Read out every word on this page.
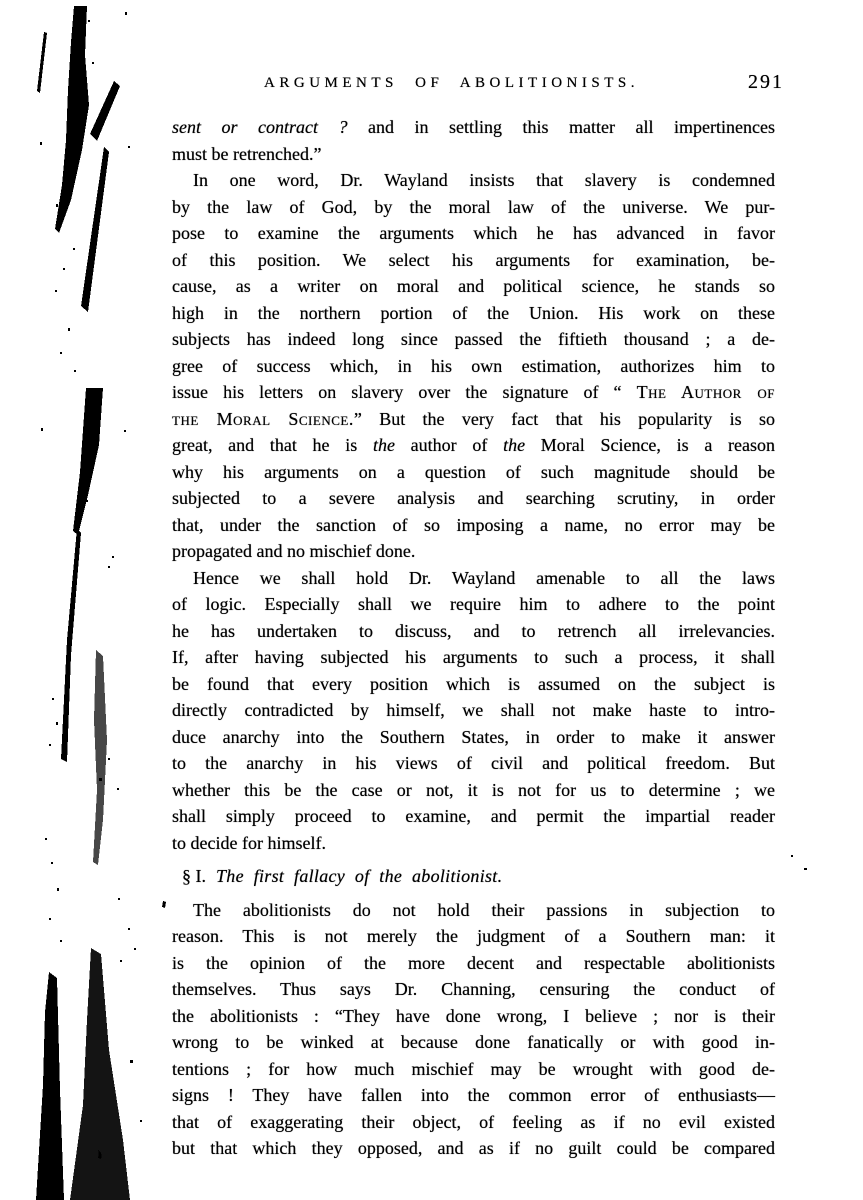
ARGUMENTS OF ABOLITIONISTS.	291
sent or contract ? and in settling this matter all impertinences
must be retrenched.”
In one word, Dr. Wayland insists that slavery is condemned
by the law of God, by the moral law of the universe. We pur-
pose to examine the arguments which he has advanced in favor
of this position. We select his arguments for examination, be-
cause, as a writer on moral and political science, he stands so
high in the northern portion of the Union. His work on these
subjects has indeed long since passed the fiftieth thousand ; a de-
gree of success which, in his own estimation, authorizes him to
issue his letters on slavery over the signature of “ The Author of
the Moral Science.” But the very fact that his popularity is so
great, and that he is the author of the Moral Science, is a reason
why his arguments on a question of such magnitude should be
subjected to a severe analysis and searching scrutiny, in order
that, under the sanction of so imposing a name, no error may be
propagated and no mischief done.
Hence we shall hold Dr. Wayland amenable to all the laws
of logic. Especially shall we require him to adhere to the point
he has undertaken to discuss, and to retrench all irrelevancies.
If, after having subjected his arguments to such a process, it shall
be found that every position which is assumed on the subject is
directly contradicted by himself, we shall not make haste to intro-
duce anarchy into the Southern States, in order to make it answer
to the anarchy in his views of civil and political freedom. But
whether this be the case or not, it is not for us to determine ; we
shall simply proceed to examine, and permit the impartial reader
to decide for himself.
§ I. The first fallacy of the abolitionist.
The abolitionists do not hold their passions in subjection to
reason. This is not merely the judgment of a Southern man: it
is the opinion of the more decent and respectable abolitionists
themselves. Thus says Dr. Channing, censuring the conduct of
the abolitionists : “They have done wrong, I believe ; nor is their
wrong to be winked at because done fanatically or with good in-
tentions ; for how much mischief may be wrought with good de-
signs ! They have fallen into the common error of enthusiasts—
that of exaggerating their object, of feeling as if no evil existed
but that which they opposed, and as if no guilt could be compared
